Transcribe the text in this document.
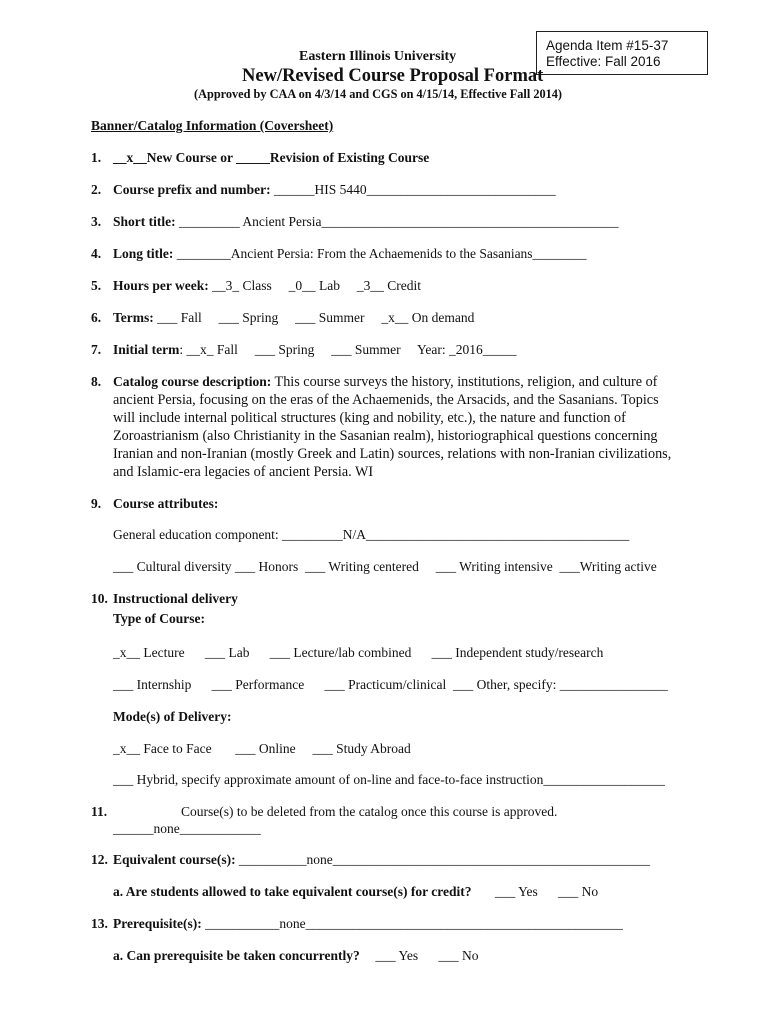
Agenda Item #15-37
Effective: Fall 2016
Eastern Illinois University
New/Revised Course Proposal Format
(Approved by CAA on 4/3/14 and CGS on 4/15/14, Effective Fall 2014)
Banner/Catalog Information (Coversheet)
1. __x__New Course or _____Revision of Existing Course
2. Course prefix and number: ______HIS 5440____________________________
3. Short title: _________ Ancient Persia____________________________________________
4. Long title: ________Ancient Persia: From the Achaemenids to the Sasanians________
5. Hours per week: __3_ Class     _0__ Lab     _3__ Credit
6. Terms: ___ Fall     ___ Spring     ___ Summer     _x__ On demand
7. Initial term: __x_ Fall     ___ Spring     ___ Summer     Year: _2016_____
8. Catalog course description: This course surveys the history, institutions, religion, and culture of ancient Persia, focusing on the eras of the Achaemenids, the Arsacids, and the Sasanians. Topics will include internal political structures (king and nobility, etc.), the nature and function of Zoroastrianism (also Christianity in the Sasanian realm), historiographical questions concerning Iranian and non-Iranian (mostly Greek and Latin) sources, relations with non-Iranian civilizations, and Islamic-era legacies of ancient Persia. WI
9. Course attributes:
General education component: _________N/A_______________________________________
___ Cultural diversity ___ Honors  ___ Writing centered     ___ Writing intensive  ___Writing active
10. Instructional delivery
Type of Course:
_x__ Lecture      ___ Lab      ___ Lecture/lab combined      ___ Independent study/research
___ Internship      ___ Performance      ___ Practicum/clinical  ___ Other, specify: ________________
Mode(s) of Delivery:
_x__ Face to Face       ___ Online     ___ Study Abroad
___ Hybrid, specify approximate amount of on-line and face-to-face instruction__________________
11.	Course(s) to be deleted from the catalog once this course is approved.
______none____________
12. Equivalent course(s): __________none_______________________________________________
a. Are students allowed to take equivalent course(s) for credit? ___ Yes      ___ No
13. Prerequisite(s): ___________none_______________________________________________
a. Can prerequisite be taken concurrently? ___ Yes      ___ No
